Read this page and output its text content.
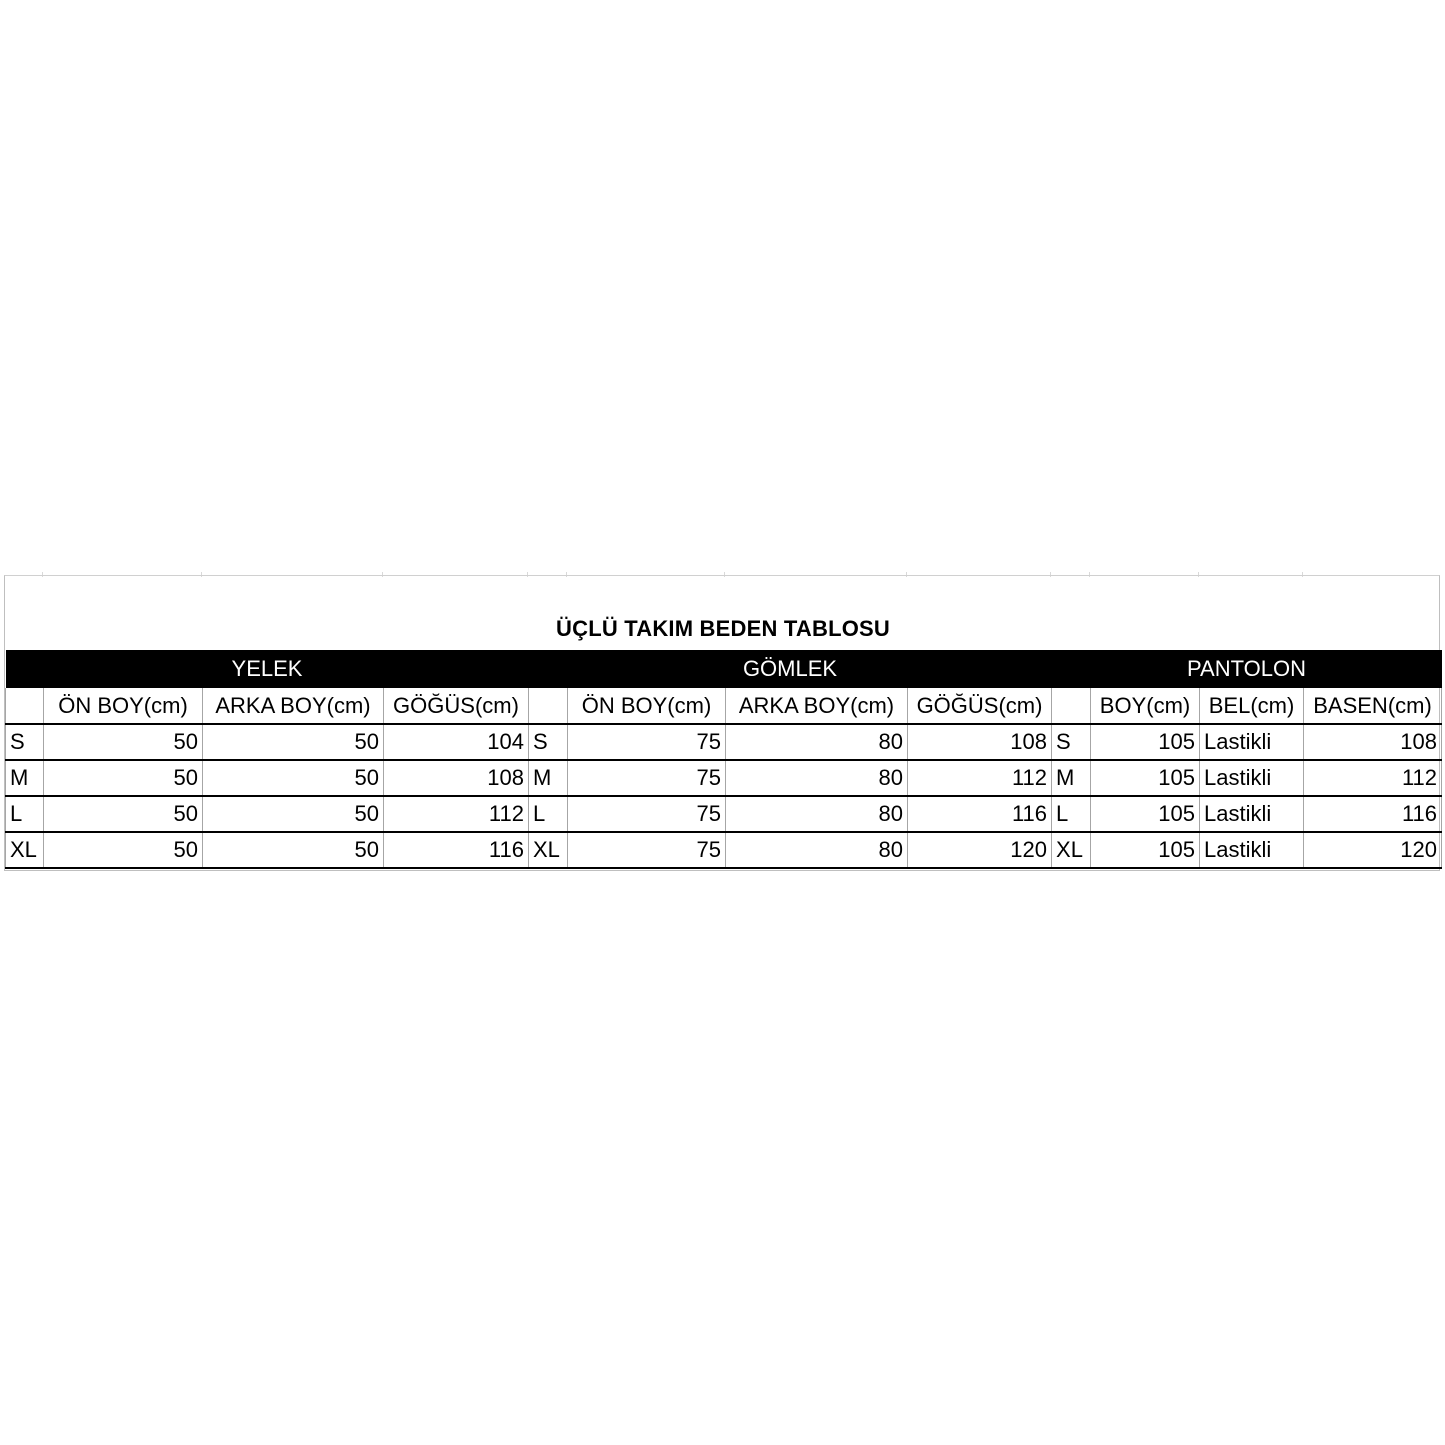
ÜÇLÜ TAKIM BEDEN TABLOSU
YELEK				GÖMLEK				PANTOLON			
	ÖN BOY(cm)	ARKA BOY(cm)	GÖĞÜS(cm)		ÖN BOY(cm)	ARKA BOY(cm)	GÖĞÜS(cm)		BOY(cm)	BEL(cm)	BASEN(cm)
S	50	50	104	S	75	80	108	S	105	Lastikli	108
M	50	50	108	M	75	80	112	M	105	Lastikli	112
L	50	50	112	L	75	80	116	L	105	Lastikli	116
XL	50	50	116	XL	75	80	120	XL	105	Lastikli	120
